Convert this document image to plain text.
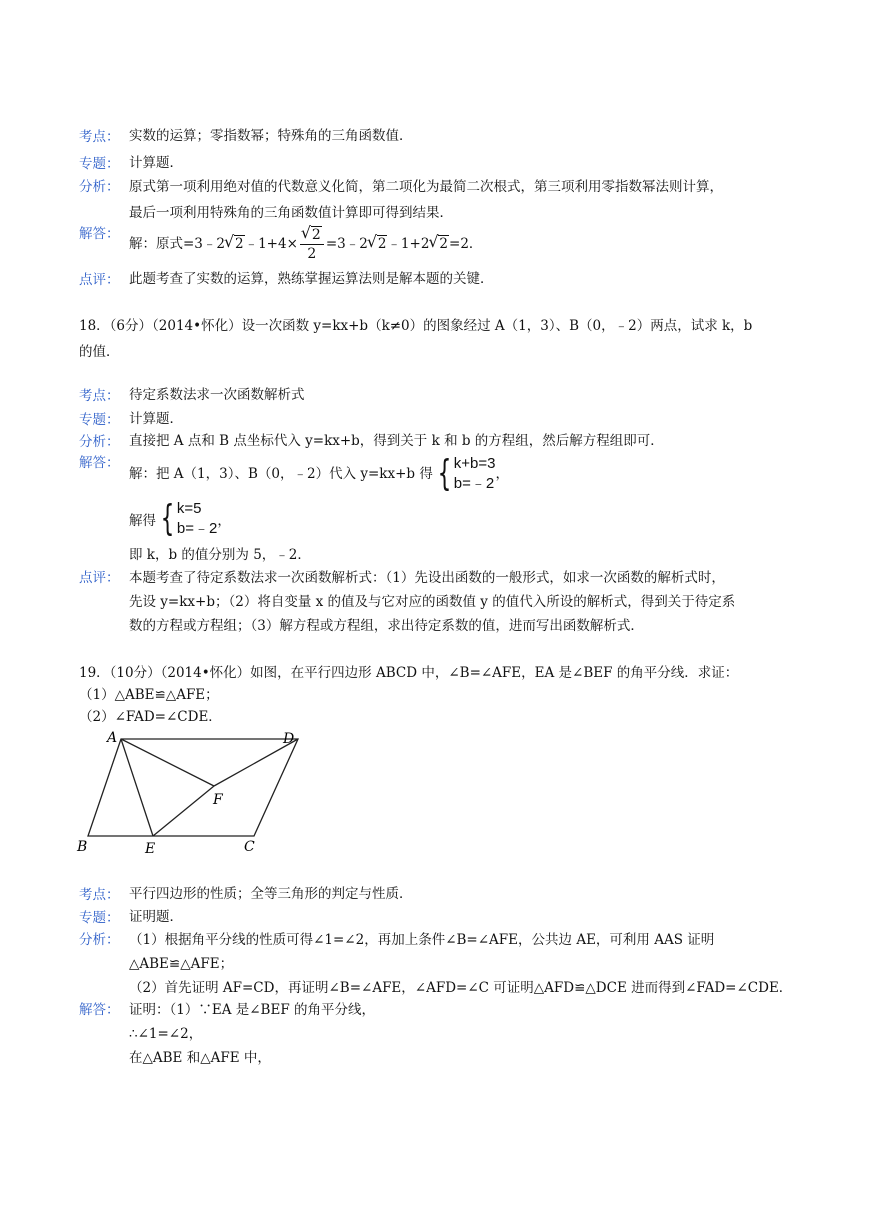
考点： 实数的运算；零指数幂；特殊角的三角函数值．
专题： 计算题．
分析： 原式第一项利用绝对值的代数意义化简，第二项化为最简二次根式，第三项利用零指数幂法则计算，
最后一项利用特殊角的三角函数值计算即可得到结果．
解答：
解：原式=3﹣2 √ 2﹣1+4× √ $\frac{2}{2}$ =3﹣2 √ 2﹣1+2 √ 2=2．
点评： 此题考查了实数的运算，熟练掌握运算法则是解本题的关键．
18．（6分）（2014•怀化）设一次函数 y=kx+b（k≠0）的图象经过 A（1，3）、B（0，﹣2）两点，试求 k，b
的值．
考点： 待定系数法求一次函数解析式
专题： 计算题．
分析： 直接把 A 点和 B 点坐标代入 y=kx+b，得到关于 k 和 b 的方程组，然后解方程组即可．
解答：
解：把 A（1，3）、B（0，﹣2）代入 y=kx+b 得 { k+b=3
b=﹣2
，
解得 { k=5
b=﹣2 ，
即 k，b 的值分别为 5，﹣2．
点评： 本题考查了待定系数法求一次函数解析式：（1）先设出函数的一般形式，如求一次函数的解析式时，
先设 y=kx+b；（2）将自变量 x 的值及与它对应的函数值 y 的值代入所设的解析式，得到关于待定系
数的方程或方程组；（3）解方程或方程组，求出待定系数的值，进而写出函数解析式．
19．（10分）（2014•怀化）如图，在平行四边形 ABCD 中，∠B=∠AFE，EA 是∠BEF 的角平分线．求证：
（1）△ABE≌△AFE；
（2）∠FAD=∠CDE．
A	D
F
B	E	C
考点： 平行四边形的性质；全等三角形的判定与性质．
专题： 证明题．
分析： （1）根据角平分线的性质可得∠1=∠2，再加上条件∠B=∠AFE，公共边 AE，可利用 AAS 证明
△ABE≌△AFE；
（2）首先证明 AF=CD，再证明∠B=∠AFE，∠AFD=∠C 可证明△AFD≌△DCE 进而得到∠FAD=∠CDE．
解答： 证明：（1）∵EA 是∠BEF 的角平分线，
∴∠1=∠2，
在△ABE 和△AFE 中，
